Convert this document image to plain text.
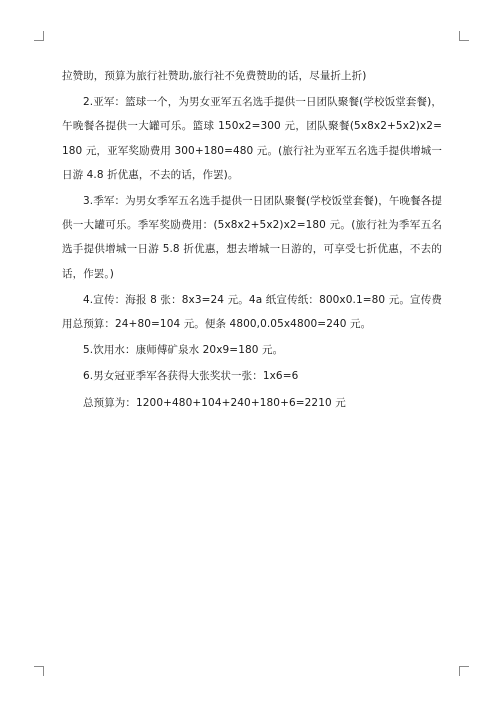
拉赞助，预算为旅行社赞助,旅行社不免费赞助的话，尽量折上折)

2.亚军：篮球一个，为男女亚军五名选手提供一日团队聚餐(学校饭堂套餐)，午晚餐各提供一大罐可乐。篮球 150x2=300 元，团队聚餐(5x8x2+5x2)x2=180 元，亚军奖励费用 300+180=480 元。(旅行社为亚军五名选手提供增城一日游 4.8 折优惠，不去的话，作罢)。

3.季军：为男女季军五名选手提供一日团队聚餐(学校饭堂套餐)，午晚餐各提供一大罐可乐。季军奖励费用：(5x8x2+5x2)x2=180 元。(旅行社为季军五名选手提供增城一日游 5.8 折优惠，想去增城一日游的，可享受七折优惠，不去的话，作罢。)

4.宣传：海报 8 张：8x3=24 元。4a 纸宣传纸：800x0.1=80 元。宣传费用总预算：24+80=104 元。便条 4800,0.05x4800=240 元。

5.饮用水：康师傅矿泉水 20x9=180 元。

6.男女冠亚季军各获得大张奖状一张：1x6=6

总预算为：1200+480+104+240+180+6=2210 元
